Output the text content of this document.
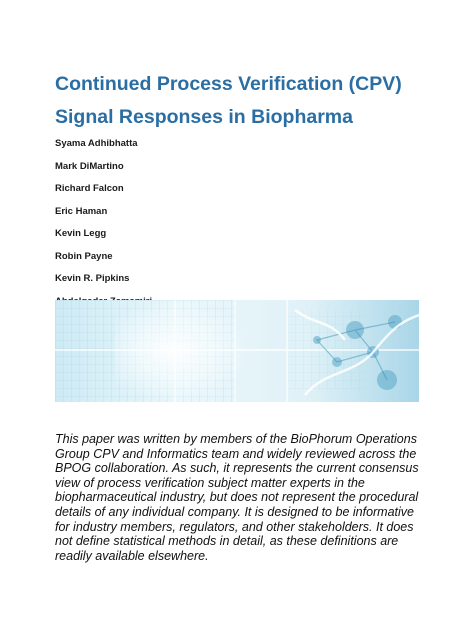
Continued Process Verification (CPV)
Signal Responses in Biopharma
Syama Adhibhatta
Mark DiMartino
Richard Falcon
Eric Haman
Kevin Legg
Robin Payne
Kevin R. Pipkins

This paper was written by members of the BioPhorum Operations Group CPV and Informatics team and widely reviewed across the BPOG collaboration. As such, it represents the current consensus view of process verification subject matter experts in the biopharmaceutical industry, but does not represent the procedural details of any individual company. It is designed to be informative for industry members, regulators, and other stakeholders. It does not define statistical methods in detail, as these definitions are readily available elsewhere.
